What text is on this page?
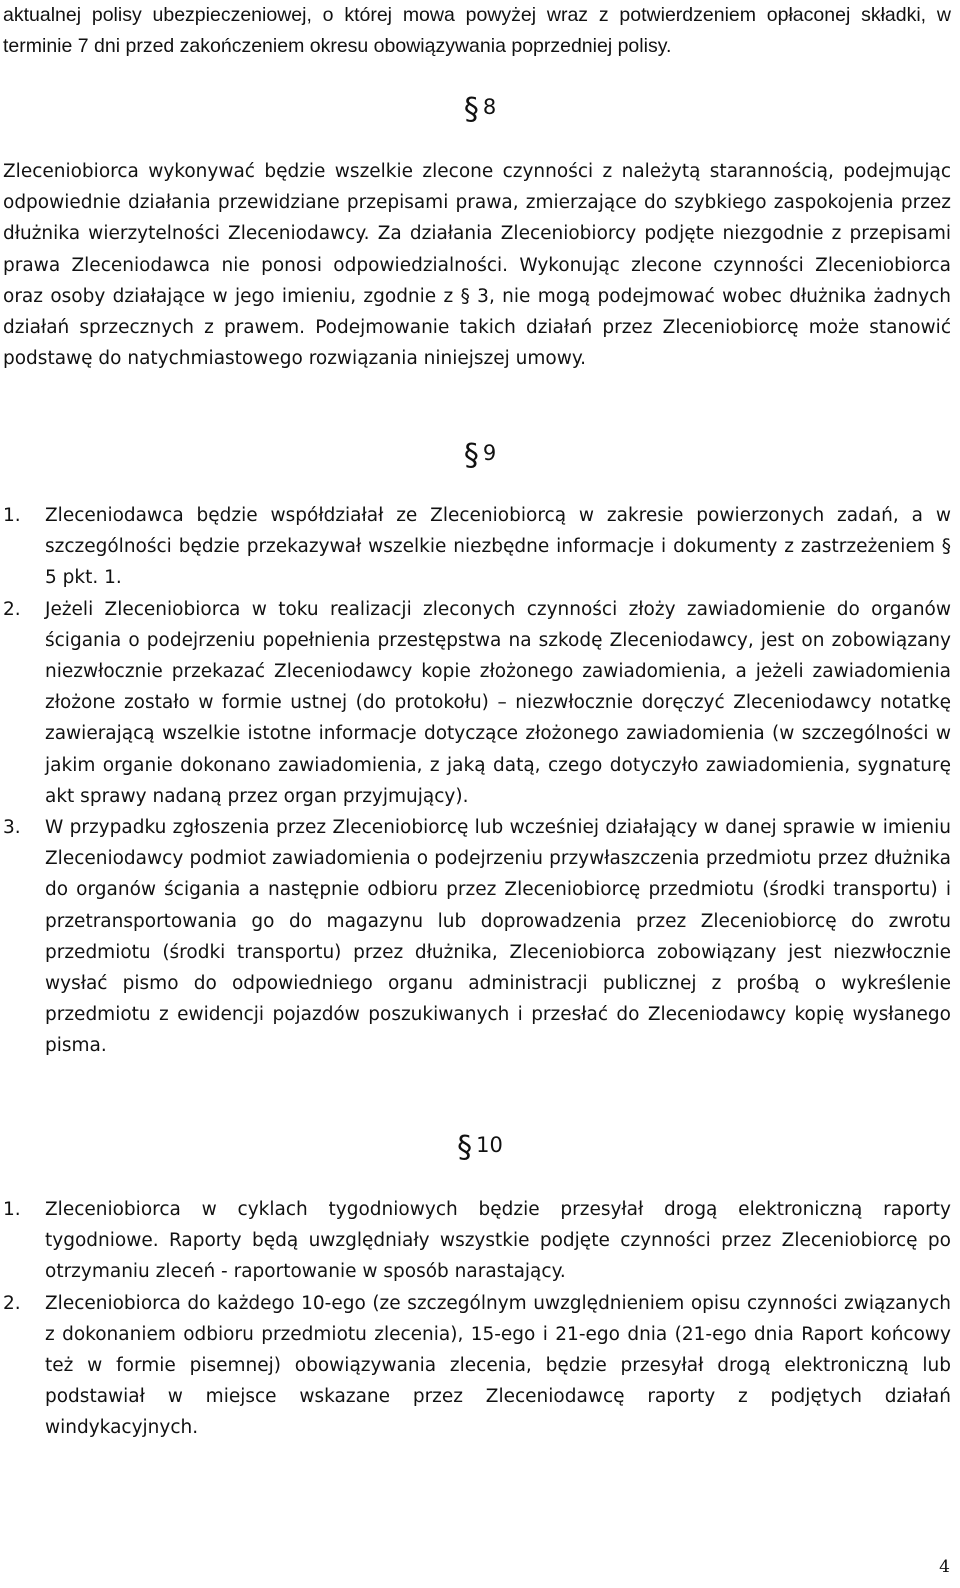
aktualnej polisy ubezpieczeniowej, o której mowa powyżej wraz z potwierdzeniem opłaconej składki, w terminie 7 dni przed zakończeniem okresu obowiązywania poprzedniej polisy.
§ 8
Zleceniobiorca wykonywać będzie wszelkie zlecone czynności z należytą starannością, podejmując odpowiednie działania przewidziane przepisami prawa, zmierzające do szybkiego zaspokojenia przez dłużnika wierzytelności Zleceniodawcy. Za działania Zleceniobiorcy podjęte niezgodnie z przepisami prawa Zleceniodawca nie ponosi odpowiedzialności. Wykonując zlecone czynności Zleceniobiorca oraz osoby działające w jego imieniu, zgodnie z § 3, nie mogą podejmować wobec dłużnika żadnych działań sprzecznych z prawem. Podejmowanie takich działań przez Zleceniobiorcę może stanowić podstawę do natychmiastowego rozwiązania niniejszej umowy.
§ 9
1. Zleceniodawca będzie współdziałał ze Zleceniobiorcą w zakresie powierzonych zadań, a w szczególności będzie przekazywał wszelkie niezbędne informacje i dokumenty z zastrzeżeniem § 5 pkt. 1.
2. Jeżeli Zleceniobiorca w toku realizacji zleconych czynności złoży zawiadomienie do organów ścigania o podejrzeniu popełnienia przestępstwa na szkodę Zleceniodawcy, jest on zobowiązany niezwłocznie przekazać Zleceniodawcy kopie złożonego zawiadomienia, a jeżeli zawiadomienia złożone zostało w formie ustnej (do protokołu) – niezwłocznie doręczyć Zleceniodawcy notatkę zawierającą wszelkie istotne informacje dotyczące złożonego zawiadomienia (w szczególności w jakim organie dokonano zawiadomienia, z jaką datą, czego dotyczyło zawiadomienia, sygnaturę akt sprawy nadaną przez organ przyjmujący).
3. W przypadku zgłoszenia przez Zleceniobiorcę lub wcześniej działający w danej sprawie w imieniu Zleceniodawcy podmiot zawiadomienia o podejrzeniu przywłaszczenia przedmiotu przez dłużnika do organów ścigania a następnie odbioru przez Zleceniobiorcę przedmiotu (środki transportu) i przetransportowania go do magazynu lub doprowadzenia przez Zleceniobiorcę do zwrotu przedmiotu (środki transportu) przez dłużnika, Zleceniobiorca zobowiązany jest niezwłocznie wysłać pismo do odpowiedniego organu administracji publicznej z prośbą o wykreślenie przedmiotu z ewidencji pojazdów poszukiwanych i przesłać do Zleceniodawcy kopię wysłanego pisma.
§ 10
1. Zleceniobiorca w cyklach tygodniowych będzie przesyłał drogą elektroniczną raporty tygodniowe. Raporty będą uwzględniały wszystkie podjęte czynności przez Zleceniobiorcę po otrzymaniu zleceń - raportowanie w sposób narastający.
2. Zleceniobiorca do każdego 10-ego (ze szczególnym uwzględnieniem opisu czynności związanych z dokonaniem odbioru przedmiotu zlecenia), 15-ego i 21-ego dnia (21-ego dnia Raport końcowy też w formie pisemnej) obowiązywania zlecenia, będzie przesyłał drogą elektroniczną lub podstawiał w miejsce wskazane przez Zleceniodawcę raporty z podjętych działań windykacyjnych.
4
